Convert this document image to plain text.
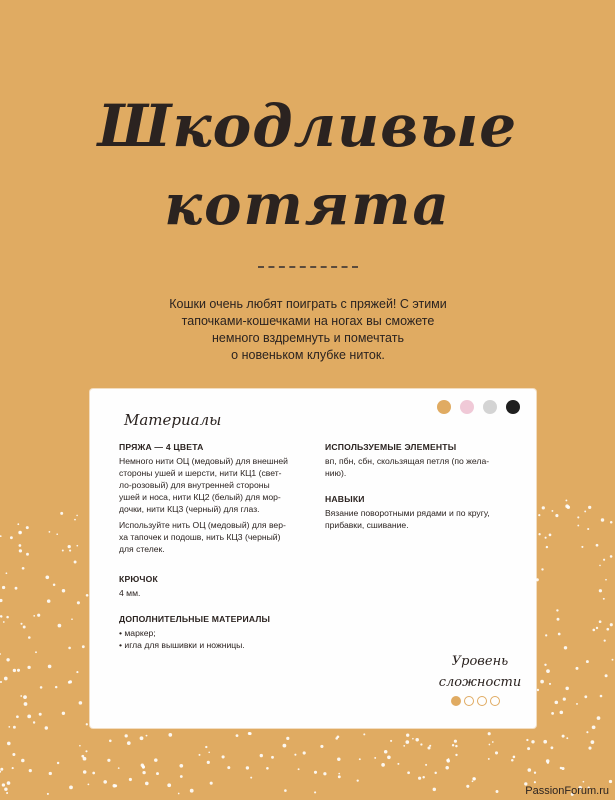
Шкодливые
котята
Кошки очень любят поиграть с пряжей! С этими
тапочками-кошечками на ногах вы сможете
немного вздремнуть и помечтать
о новеньком клубке ниток.
Материалы
ПРЯЖА — 4 ЦВЕТА
Немного нити ОЦ (медовый) для внешней
стороны ушей и шерсти, нити КЦ1 (свет-
ло-розовый) для внутренней стороны
ушей и носа, нити КЦ2 (белый) для мор-
дочки, нити КЦ3 (черный) для глаз.
Используйте нить ОЦ (медовый) для вер-
ха тапочек и подошв, нить КЦ3 (черный)
для стелек.
КРЮЧОК
4 мм.
ДОПОЛНИТЕЛЬНЫЕ МАТЕРИАЛЫ
• маркер;
• игла для вышивки и ножницы.
ИСПОЛЬЗУЕМЫЕ ЭЛЕМЕНТЫ
вп, пбн, сбн, скользящая петля (по жела-
нию).
НАВЫКИ
Вязание поворотными рядами и по кругу,
прибавки, сшивание.
Уровень
сложности
PassionForum.ru
